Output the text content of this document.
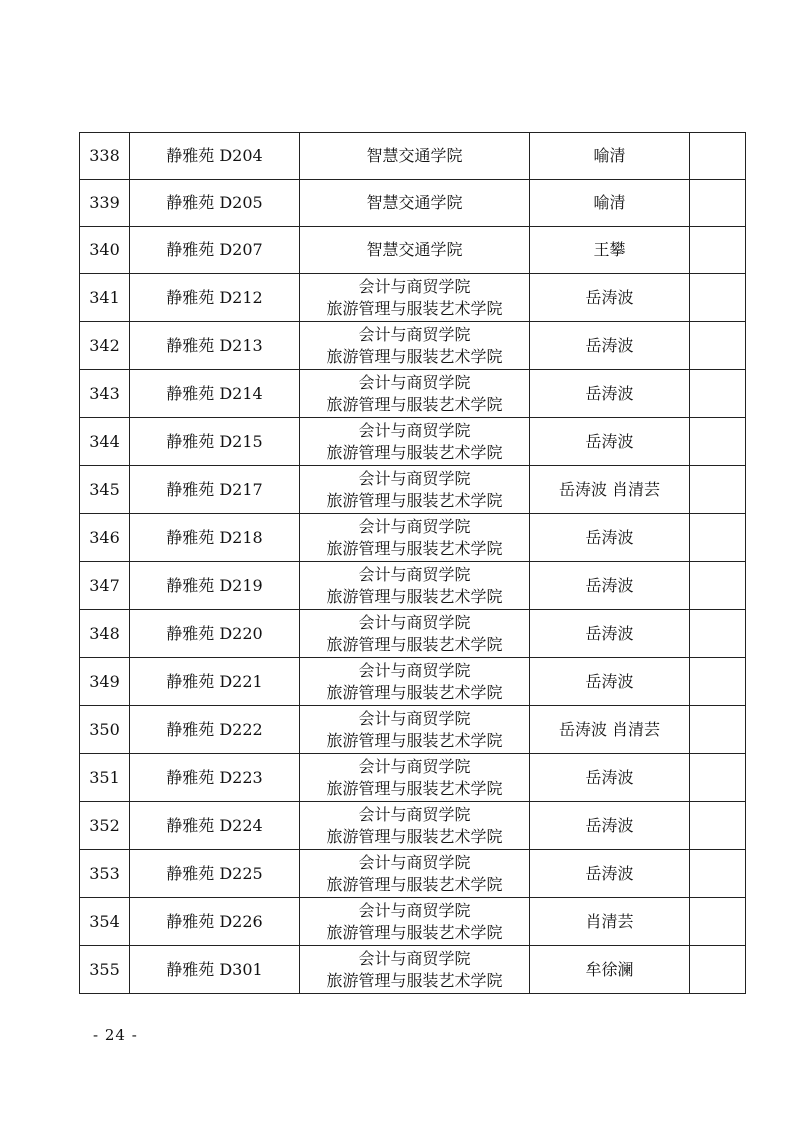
338	静雅苑 D204	智慧交通学院	喻清	
339	静雅苑 D205	智慧交通学院	喻清	
340	静雅苑 D207	智慧交通学院	王攀	
341	静雅苑 D212	会计与商贸学院
旅游管理与服装艺术学院	岳涛波	
342	静雅苑 D213	会计与商贸学院
旅游管理与服装艺术学院	岳涛波	
343	静雅苑 D214	会计与商贸学院
旅游管理与服装艺术学院	岳涛波	
344	静雅苑 D215	会计与商贸学院
旅游管理与服装艺术学院	岳涛波	
345	静雅苑 D217	会计与商贸学院
旅游管理与服装艺术学院	岳涛波 肖清芸	
346	静雅苑 D218	会计与商贸学院
旅游管理与服装艺术学院	岳涛波	
347	静雅苑 D219	会计与商贸学院
旅游管理与服装艺术学院	岳涛波	
348	静雅苑 D220	会计与商贸学院
旅游管理与服装艺术学院	岳涛波	
349	静雅苑 D221	会计与商贸学院
旅游管理与服装艺术学院	岳涛波	
350	静雅苑 D222	会计与商贸学院
旅游管理与服装艺术学院	岳涛波 肖清芸	
351	静雅苑 D223	会计与商贸学院
旅游管理与服装艺术学院	岳涛波	
352	静雅苑 D224	会计与商贸学院
旅游管理与服装艺术学院	岳涛波	
353	静雅苑 D225	会计与商贸学院
旅游管理与服装艺术学院	岳涛波	
354	静雅苑 D226	会计与商贸学院
旅游管理与服装艺术学院	肖清芸	
355	静雅苑 D301	会计与商贸学院
旅游管理与服装艺术学院	牟徐澜	
- 24 -
